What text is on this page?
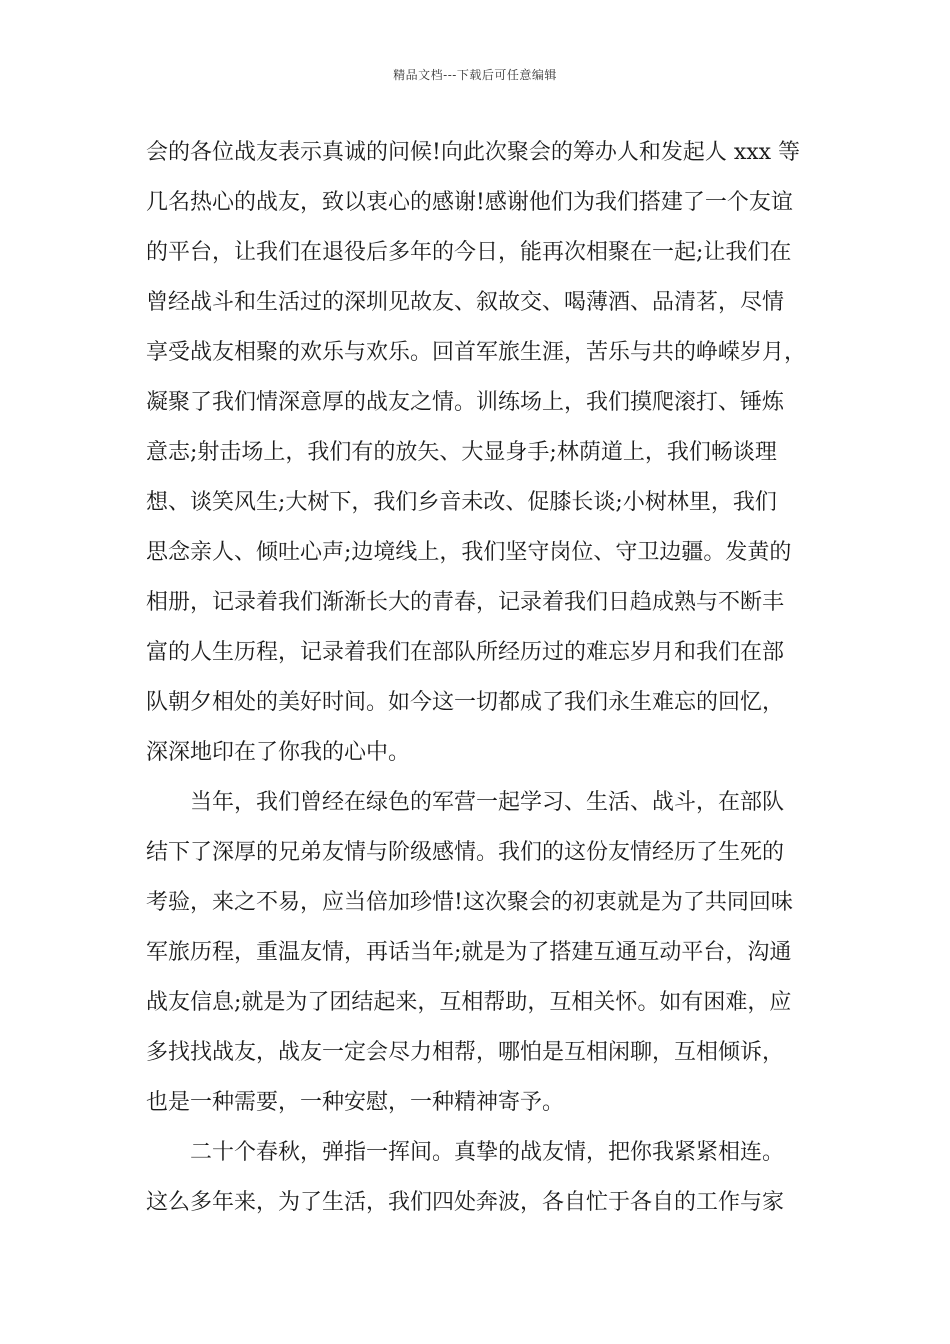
精品文档---下载后可任意编辑
会的各位战友表示真诚的问候!向此次聚会的筹办人和发起人 xxx 等
几名热心的战友，致以衷心的感谢!感谢他们为我们搭建了一个友谊
的平台，让我们在退役后多年的今日，能再次相聚在一起;让我们在
曾经战斗和生活过的深圳见故友、叙故交、喝薄酒、品清茗，尽情
享受战友相聚的欢乐与欢乐。回首军旅生涯，苦乐与共的峥嵘岁月，
凝聚了我们情深意厚的战友之情。训练场上，我们摸爬滚打、锤炼
意志;射击场上，我们有的放矢、大显身手;林荫道上，我们畅谈理
想、谈笑风生;大树下，我们乡音未改、促膝长谈;小树林里，我们
思念亲人、倾吐心声;边境线上，我们坚守岗位、守卫边疆。发黄的
相册，记录着我们渐渐长大的青春，记录着我们日趋成熟与不断丰
富的人生历程，记录着我们在部队所经历过的难忘岁月和我们在部
队朝夕相处的美好时间。如今这一切都成了我们永生难忘的回忆，
深深地印在了你我的心中。
当年，我们曾经在绿色的军营一起学习、生活、战斗，在部队
结下了深厚的兄弟友情与阶级感情。我们的这份友情经历了生死的
考验，来之不易，应当倍加珍惜!这次聚会的初衷就是为了共同回味
军旅历程，重温友情，再话当年;就是为了搭建互通互动平台，沟通
战友信息;就是为了团结起来，互相帮助，互相关怀。如有困难，应
多找找战友，战友一定会尽力相帮，哪怕是互相闲聊，互相倾诉，
也是一种需要，一种安慰，一种精神寄予。
二十个春秋，弹指一挥间。真挚的战友情，把你我紧紧相连。
这么多年来，为了生活，我们四处奔波，各自忙于各自的工作与家
